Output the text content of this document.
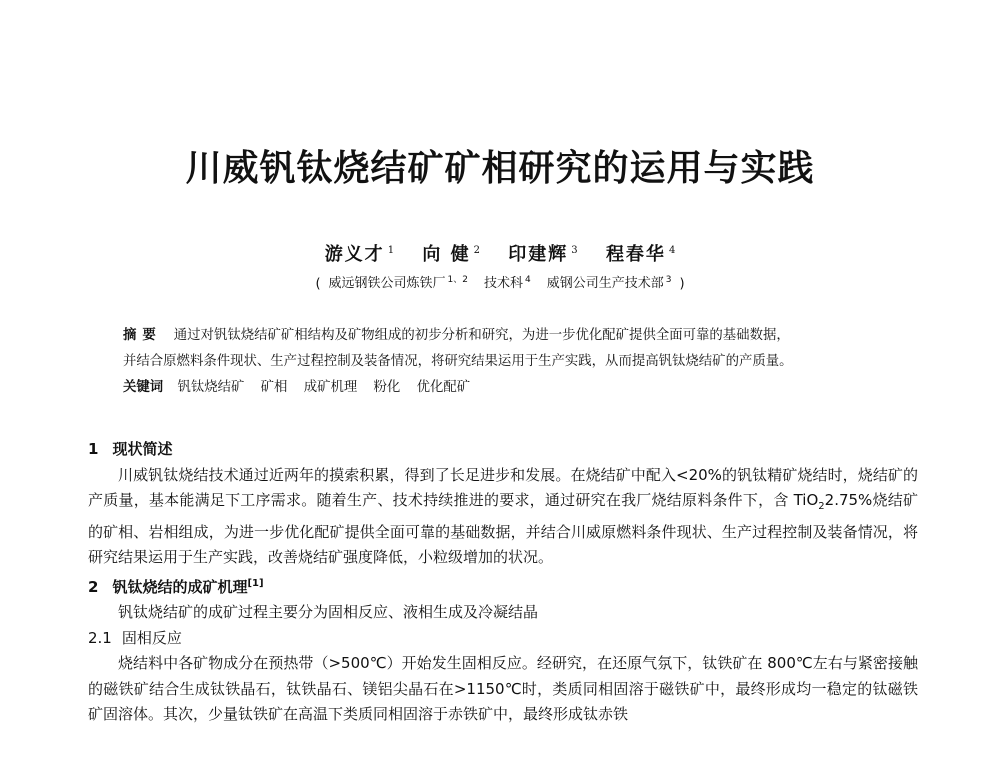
川威钒钛烧结矿矿相研究的运用与实践
游义才 $^1$ 向 健 $^2$ 印建辉 $^3$ 程春华 $^4$
( 威远钢铁公司炼铁厂 $^{1、2}$ 技术科 $^4$ 威钢公司生产技术部 $^3$ )

摘要 通过对钒钛烧结矿矿相结构及矿物组成的初步分析和研究，为进一步优化配矿提供全面可靠的基础数据，

并结合原燃料条件现状、生产过程控制及装备情况，将研究结果运用于生产实践，从而提高钒钛烧结矿的产质量。

关键词 钒钛烧结矿 矿相 成矿机理 粉化 优化配矿

1 现状简述

川威钒钛烧结技术通过近两年的摸索积累，得到了长足进步和发展。在烧结矿中配入<20%的钒钛精矿烧结时，烧结矿的产质量，基本能满足下工序需求。随着生产、技术持续推进的要求，通过研究在我厂烧结原料条件下，含 TiO$_2$2.75%烧结矿的矿相、岩相组成，为进一步优化配矿提供全面可靠的基础数据，并结合川威原燃料条件现状、生产过程控制及装备情况，将研究结果运用于生产实践，改善烧结矿强度降低，小粒级增加的状况。

2 钒钛烧结的成矿机理[1]

钒钛烧结矿的成矿过程主要分为固相反应、液相生成及冷凝结晶

2.1 固相反应

烧结料中各矿物成分在预热带（>500℃）开始发生固相反应。经研究，在还原气氛下，钛铁矿在 800℃左右与紧密接触的磁铁矿结合生成钛铁晶石，钛铁晶石、镁铝尖晶石在>1150℃时，类质同相固溶于磁铁矿中，最终形成均一稳定的钛磁铁矿固溶体。其次，少量钛铁矿在高温下类质同相固溶于赤铁矿中，最终形成钛赤铁
